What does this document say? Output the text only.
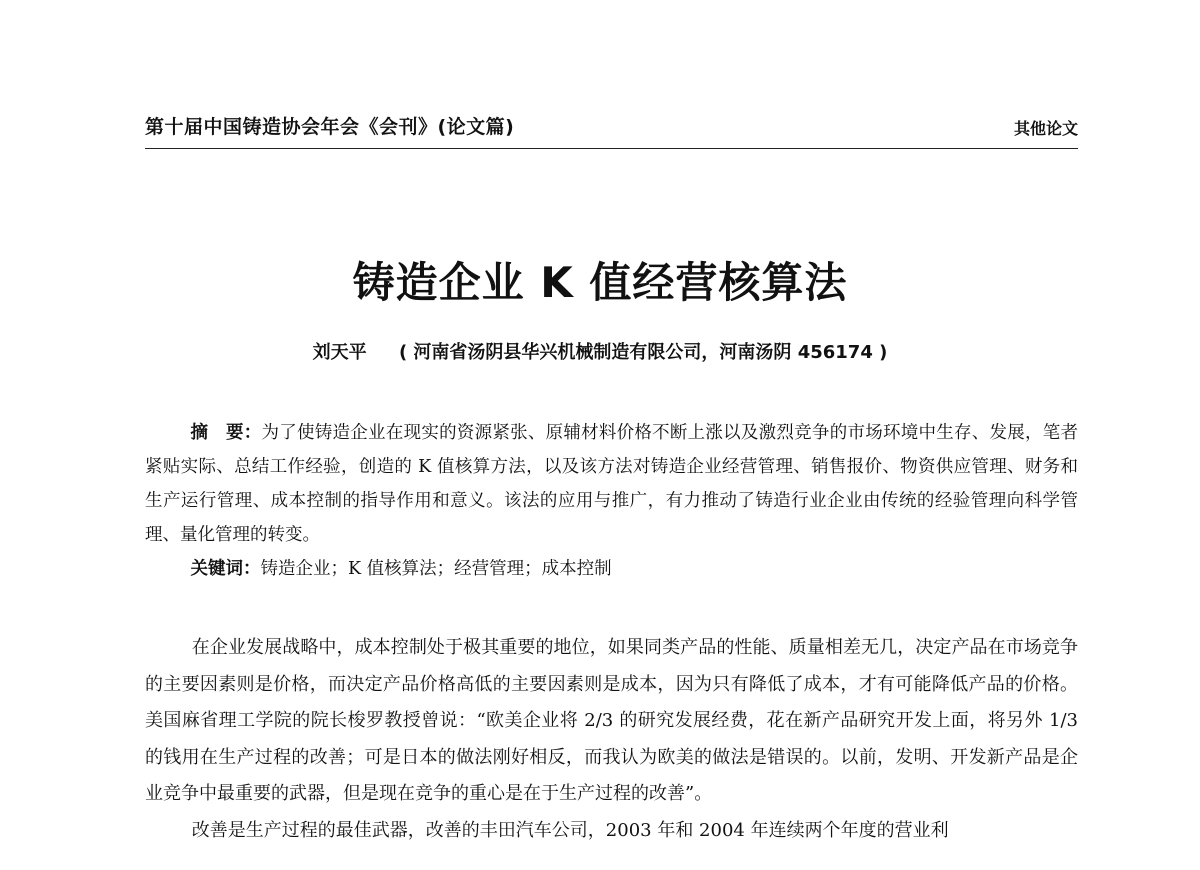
第十届中国铸造协会年会《会刊》(论文篇)	其他论文
铸造企业 K 值经营核算法
刘天平 ( 河南省汤阴县华兴机械制造有限公司，河南汤阴 456174 )

摘　要：为了使铸造企业在现实的资源紧张、原辅材料价格不断上涨以及激烈竞争的市场环境中生存、发展，笔者紧贴实际、总结工作经验，创造的 K 值核算方法，以及该方法对铸造企业经营管理、销售报价、物资供应管理、财务和生产运行管理、成本控制的指导作用和意义。该法的应用与推广，有力推动了铸造行业企业由传统的经验管理向科学管理、量化管理的转变。

关键词：铸造企业；K 值核算法；经营管理；成本控制

在企业发展战略中，成本控制处于极其重要的地位，如果同类产品的性能、质量相差无几，决定产品在市场竞争的主要因素则是价格，而决定产品价格高低的主要因素则是成本，因为只有降低了成本，才有可能降低产品的价格。美国麻省理工学院的院长梭罗教授曾说：“欧美企业将 2/3 的研究发展经费，花在新产品研究开发上面，将另外 1/3 的钱用在生产过程的改善；可是日本的做法刚好相反，而我认为欧美的做法是错误的。以前，发明、开发新产品是企业竞争中最重要的武器，但是现在竞争的重心是在于生产过程的改善”。

改善是生产过程的最佳武器，改善的丰田汽车公司，2003 年和 2004 年连续两个年度的营业利
